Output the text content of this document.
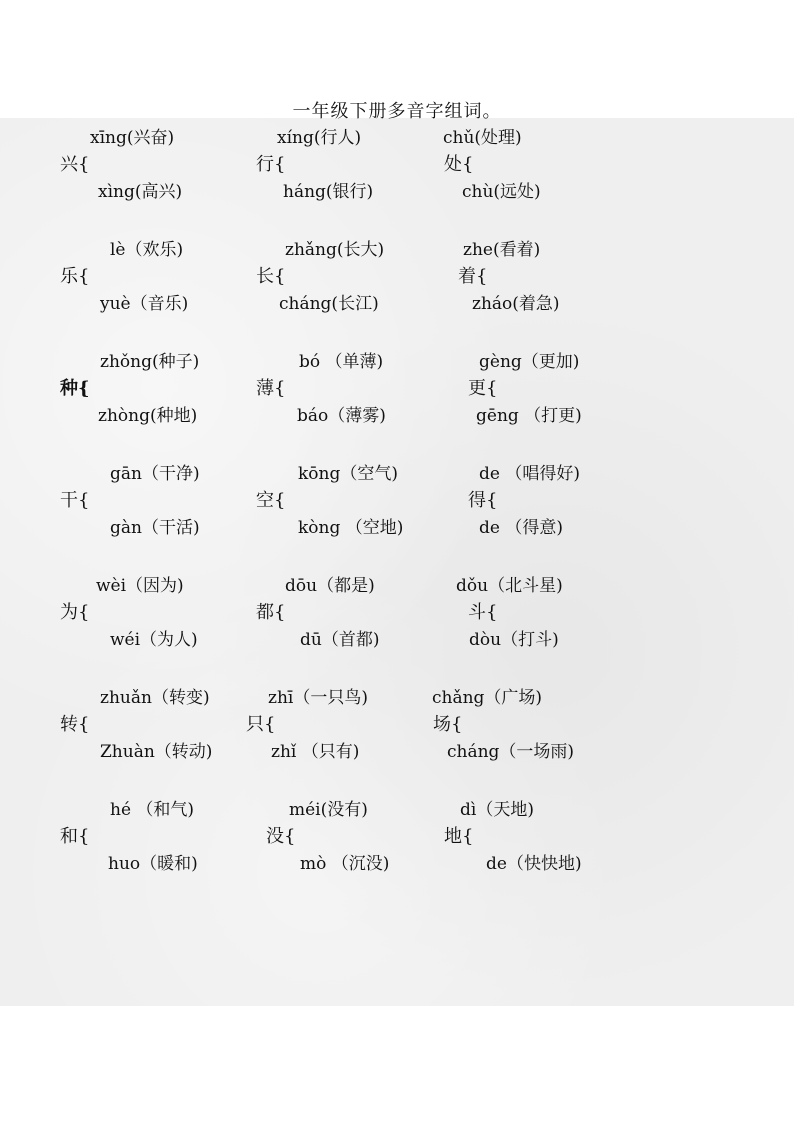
一年级下册多音字组词。
xīng(兴奋)
兴{
xìng(高兴)
xíng(行人)
行{
háng(银行)
chǔ(处理)
处{
chù(远处)
lè（欢乐)
乐{
yuè（音乐)
zhǎng(长大)
长{
cháng(长江)
zhe(看着)
着{
zháo(着急)
zhǒng(种子)
种{
zhòng(种地)
bó （单薄)
薄{
báo（薄雾)
gèng（更加)
更{
gēng （打更)
gān（干净)
干{
gàn（干活)
kōng（空气)
空{
kòng （空地)
de （唱得好)
得{
de （得意)
wèi（因为)
为{
wéi（为人)
dōu（都是)
都{
dū（首都)
dǒu（北斗星)
斗{
dòu（打斗)
zhuǎn（转变)
转{
Zhuàn（转动)
zhī（一只鸟)
只{
zhǐ （只有)
chǎng（广场)
场{
cháng（一场雨)
hé （和气)
和{
huo（暖和)
méi(没有)
没{
mò （沉没)
dì（天地)
地{
de（快快地)
